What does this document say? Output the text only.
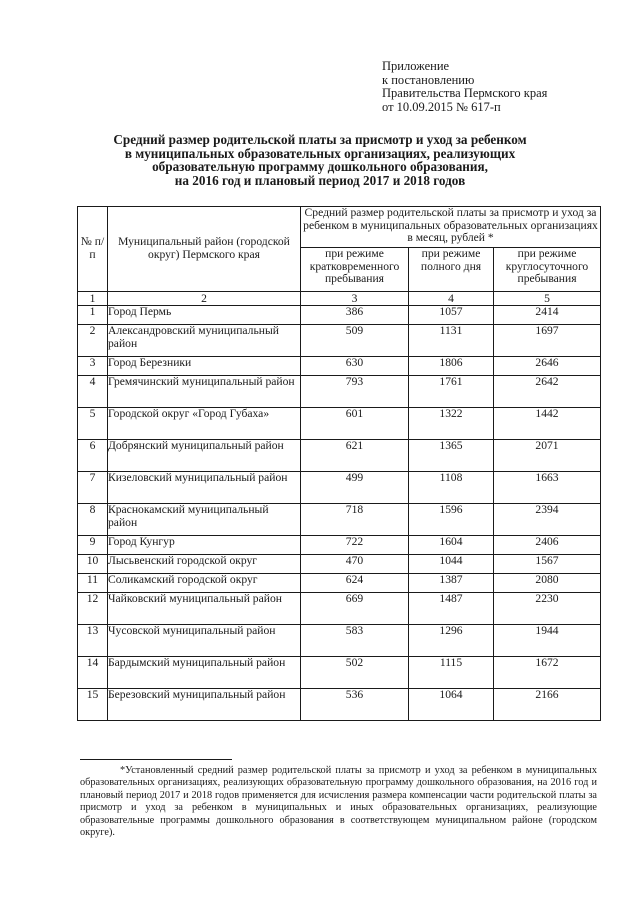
Приложение
к постановлению
Правительства Пермского края
от 10.09.2015 № 617-п
Средний размер родительской платы за присмотр и уход за ребенком
в муниципальных образовательных организациях, реализующих
образовательную программу дошкольного образования,
на 2016 год и плановый период 2017 и 2018 годов
№ п/п	Муниципальный район (городской округ) Пермского края	Средний размер родительской платы за присмотр и уход за ребенком в муниципальных образовательных организациях в месяц, рублей *		
		при режиме кратковременного пребывания	при режиме полного дня	при режиме круглосуточного пребывания
1	2	3	4	5
1	Город Пермь	386	1057	2414
2	Александровский муниципальный район	509	1131	1697
3	Город Березники	630	1806	2646
4	Гремячинский муниципальный район	793	1761	2642
5	Городской округ «Город Губаха»	601	1322	1442
6	Добрянский муниципальный район	621	1365	2071
7	Кизеловский муниципальный район	499	1108	1663
8	Краснокамский муниципальный район	718	1596	2394
9	Город Кунгур	722	1604	2406
10	Лысьвенский городской округ	470	1044	1567
11	Соликамский городской округ	624	1387	2080
12	Чайковский муниципальный район	669	1487	2230
13	Чусовской муниципальный район	583	1296	1944
14	Бардымский муниципальный район	502	1115	1672
15	Березовский муниципальный район	536	1064	2166
*Установленный средний размер родительской платы за присмотр и уход за ребенком в муниципальных образовательных организациях, реализующих образовательную программу дошкольного образования, на 2016 год и плановый период 2017 и 2018 годов применяется для исчисления размера компенсации части родительской платы за присмотр и уход за ребенком в муниципальных и иных образовательных организациях, реализующие образовательные программы дошкольного образования в соответствующем муниципальном районе (городском округе).
